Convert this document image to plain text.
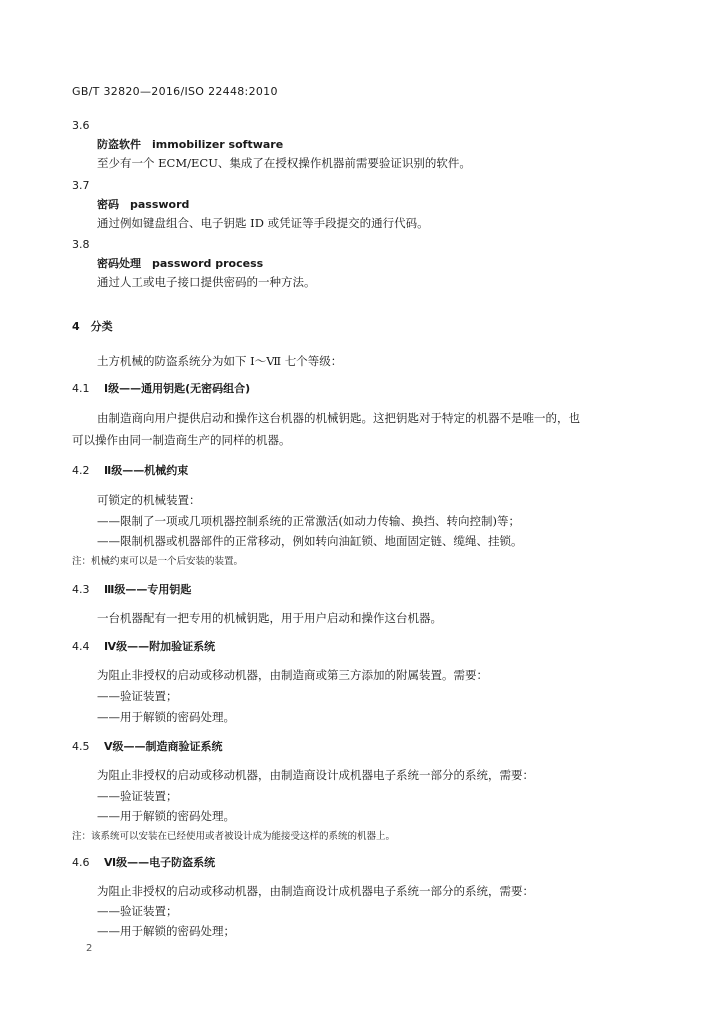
GB/T 32820—2016/ISO 22448:2010
3.6
防盗软件　immobilizer software
至少有一个 ECM/ECU、集成了在授权操作机器前需要验证识别的软件。
3.7
密码　password
通过例如键盘组合、电子钥匙 ID 或凭证等手段提交的通行代码。
3.8
密码处理　password process
通过人工或电子接口提供密码的一种方法。
4　分类
土方机械的防盗系统分为如下 Ⅰ～Ⅶ 七个等级：
4.1 Ⅰ级——通用钥匙(无密码组合)
由制造商向用户提供启动和操作这台机器的机械钥匙。这把钥匙对于特定的机器不是唯一的，也
可以操作由同一制造商生产的同样的机器。
4.2 Ⅱ级——机械约束
可锁定的机械装置：
——限制了一项或几项机器控制系统的正常激活(如动力传输、换挡、转向控制)等；
——限制机器或机器部件的正常移动，例如转向油缸锁、地面固定链、缆绳、挂锁。
注：机械约束可以是一个后安装的装置。
4.3 Ⅲ级——专用钥匙
一台机器配有一把专用的机械钥匙，用于用户启动和操作这台机器。
4.4 Ⅳ级——附加验证系统
为阻止非授权的启动或移动机器，由制造商或第三方添加的附属装置。需要：
——验证装置；
——用于解锁的密码处理。
4.5 Ⅴ级——制造商验证系统
为阻止非授权的启动或移动机器，由制造商设计成机器电子系统一部分的系统，需要：
——验证装置；
——用于解锁的密码处理。
注：该系统可以安装在已经使用或者被设计成为能接受这样的系统的机器上。
4.6 Ⅵ级——电子防盗系统
为阻止非授权的启动或移动机器，由制造商设计成机器电子系统一部分的系统，需要：
——验证装置；
——用于解锁的密码处理；
2
